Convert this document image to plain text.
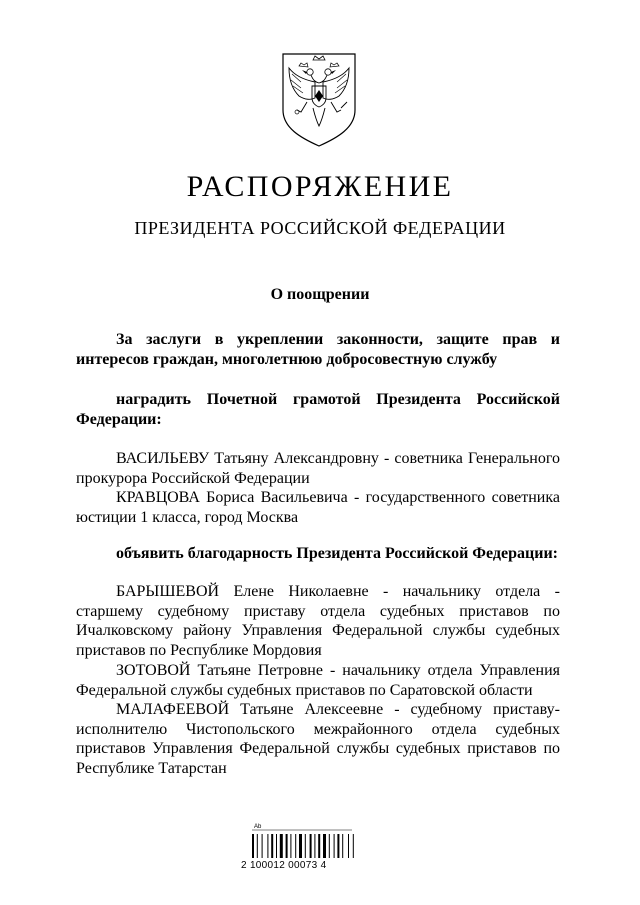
РАСПОРЯЖЕНИЕ
ПРЕЗИДЕНТА РОССИЙСКОЙ ФЕДЕРАЦИИ
О поощрении

За заслуги в укреплении законности, защите прав и интересов граждан, многолетнюю добросовестную службу

наградить Почетной грамотой Президента Российской Федерации:

ВАСИЛЬЕВУ Татьяну Александровну - советника Генерального прокурора Российской Федерации

КРАВЦОВА Бориса Васильевича - государственного советника юстиции 1 класса, город Москва

объявить благодарность Президента Российской Федерации:

БАРЫШЕВОЙ Елене Николаевне - начальнику отдела - старшему судебному приставу отдела судебных приставов по Ичалковскому району Управления Федеральной службы судебных приставов по Республике Мордовия

ЗОТОВОЙ Татьяне Петровне - начальнику отдела Управления Федеральной службы судебных приставов по Саратовской области

МАЛАФЕЕВОЙ Татьяне Алексеевне - судебному приставу-исполнителю Чистопольского межрайонного отдела судебных приставов Управления Федеральной службы судебных приставов по Республике Татарстан

Ab
2 100012 00073 4
